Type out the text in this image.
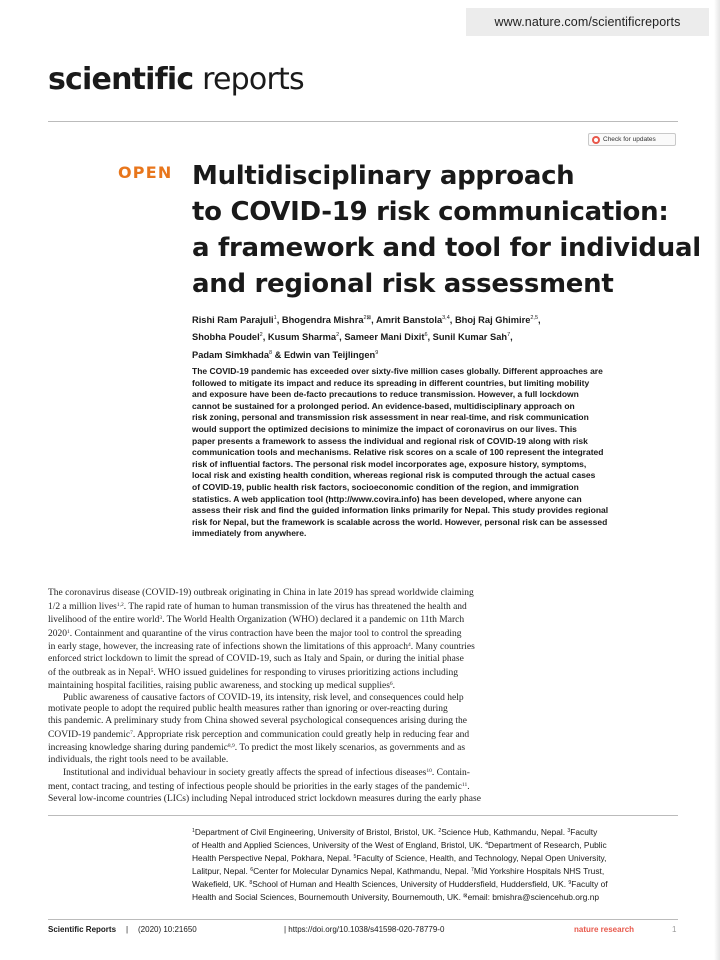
www.nature.com/scientificreports
scientific reports
Check for updates
OPEN Multidisciplinary approach
to COVID-19 risk communication:
a framework and tool for individual
and regional risk assessment
Rishi Ram Parajuli$^1$, Bhogendra Mishra$^{2⊠}$, Amrit Banstola$^{3,4}$, Bhoj Raj Ghimire$^{2,5}$,
Shobha Poudel$^2$, Kusum Sharma$^2$, Sameer Mani Dixit$^6$, Sunil Kumar Sah$^7$,
Padam Simkhada$^8$ & Edwin van Teijlingen$^9$
The COVID-19 pandemic has exceeded over sixty-five million cases globally. Different approaches are
followed to mitigate its impact and reduce its spreading in different countries, but limiting mobility
and exposure have been de-facto precautions to reduce transmission. However, a full lockdown
cannot be sustained for a prolonged period. An evidence-based, multidisciplinary approach on
risk zoning, personal and transmission risk assessment in near real-time, and risk communication
would support the optimized decisions to minimize the impact of coronavirus on our lives. This
paper presents a framework to assess the individual and regional risk of COVID-19 along with risk
communication tools and mechanisms. Relative risk scores on a scale of 100 represent the integrated
risk of influential factors. The personal risk model incorporates age, exposure history, symptoms,
local risk and existing health condition, whereas regional risk is computed through the actual cases
of COVID-19, public health risk factors, socioeconomic condition of the region, and immigration
statistics. A web application tool (http://www.covira.info) has been developed, where anyone can
assess their risk and find the guided information links primarily for Nepal. This study provides regional
risk for Nepal, but the framework is scalable across the world. However, personal risk can be assessed
immediately from anywhere.
The coronavirus disease (COVID-19) outbreak originating in China in late 2019 has spread worldwide claiming
1/2 a million lives$^{1,2}$. The rapid rate of human to human transmission of the virus has threatened the health and
livelihood of the entire world$^3$. The World Health Organization (WHO) declared it a pandemic on 11th March
2020$^1$. Containment and quarantine of the virus contraction have been the major tool to control the spreading
in early stage, however, the increasing rate of infections shown the limitations of this approach$^4$. Many countries
enforced strict lockdown to limit the spread of COVID-19, such as Italy and Spain, or during the initial phase
of the outbreak as in Nepal$^5$. WHO issued guidelines for responding to viruses prioritizing actions including
maintaining hospital facilities, raising public awareness, and stocking up medical supplies$^6$.
Public awareness of causative factors of COVID-19, its intensity, risk level, and consequences could help
motivate people to adopt the required public health measures rather than ignoring or over-reacting during
this pandemic. A preliminary study from China showed several psychological consequences arising during the
COVID-19 pandemic$^7$. Appropriate risk perception and communication could greatly help in reducing fear and
increasing knowledge sharing during pandemic$^{8,9}$. To predict the most likely scenarios, as governments and as
individuals, the right tools need to be available.
Institutional and individual behaviour in society greatly affects the spread of infectious diseases$^{10}$. Contain-
ment, contact tracing, and testing of infectious people should be priorities in the early stages of the pandemic$^{11}$.
Several low-income countries (LICs) including Nepal introduced strict lockdown measures during the early phase
$^1$Department of Civil Engineering, University of Bristol, Bristol, UK. $^2$Science Hub, Kathmandu, Nepal. $^3$Faculty
of Health and Applied Sciences, University of the West of England, Bristol, UK. $^4$Department of Research, Public
Health Perspective Nepal, Pokhara, Nepal. $^5$Faculty of Science, Health, and Technology, Nepal Open University,
Lalitpur, Nepal. $^6$Center for Molecular Dynamics Nepal, Kathmandu, Nepal. $^7$Mid Yorkshire Hospitals NHS Trust,
Wakefield, UK. $^8$School of Human and Health Sciences, University of Huddersfield, Huddersfield, UK. $^9$Faculty of
Health and Social Sciences, Bournemouth University, Bournemouth, UK. ⊠email: bmishra@sciencehub.org.np
Scientific Reports | (2020) 10:21650	| https://doi.org/10.1038/s41598-020-78779-0	nature research	1
